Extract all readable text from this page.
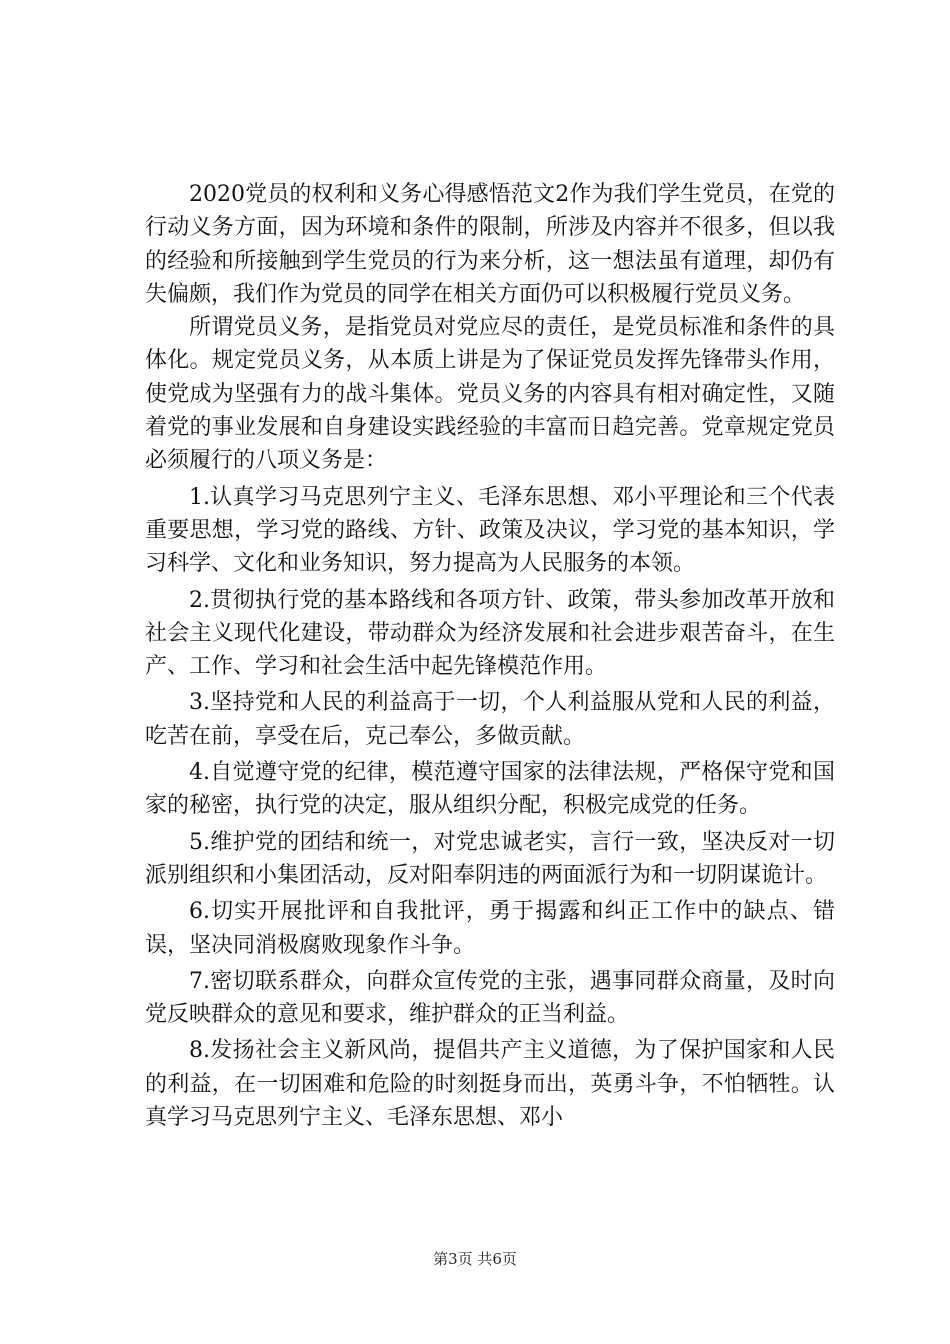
2020党员的权利和义务心得感悟范文2作为我们学生党员，在党的行动义务方面，因为环境和条件的限制，所涉及内容并不很多，但以我的经验和所接触到学生党员的行为来分析，这一想法虽有道理，却仍有失偏颇，我们作为党员的同学在相关方面仍可以积极履行党员义务。

所谓党员义务，是指党员对党应尽的责任，是党员标准和条件的具体化。规定党员义务，从本质上讲是为了保证党员发挥先锋带头作用，使党成为坚强有力的战斗集体。党员义务的内容具有相对确定性，又随着党的事业发展和自身建设实践经验的丰富而日趋完善。党章规定党员必须履行的八项义务是：

1.认真学习马克思列宁主义、毛泽东思想、邓小平理论和三个代表重要思想，学习党的路线、方针、政策及决议，学习党的基本知识，学习科学、文化和业务知识，努力提高为人民服务的本领。

2.贯彻执行党的基本路线和各项方针、政策，带头参加改革开放和社会主义现代化建设，带动群众为经济发展和社会进步艰苦奋斗，在生产、工作、学习和社会生活中起先锋模范作用。

3.坚持党和人民的利益高于一切，个人利益服从党和人民的利益，吃苦在前，享受在后，克己奉公，多做贡献。

4.自觉遵守党的纪律，模范遵守国家的法律法规，严格保守党和国家的秘密，执行党的决定，服从组织分配，积极完成党的任务。

5.维护党的团结和统一，对党忠诚老实，言行一致，坚决反对一切派别组织和小集团活动，反对阳奉阴违的两面派行为和一切阴谋诡计。

6.切实开展批评和自我批评，勇于揭露和纠正工作中的缺点、错误，坚决同消极腐败现象作斗争。

7.密切联系群众，向群众宣传党的主张，遇事同群众商量，及时向党反映群众的意见和要求，维护群众的正当利益。

8.发扬社会主义新风尚，提倡共产主义道德，为了保护国家和人民的利益，在一切困难和危险的时刻挺身而出，英勇斗争，不怕牺牲。认真学习马克思列宁主义、毛泽东思想、邓小

第3页 共6页
